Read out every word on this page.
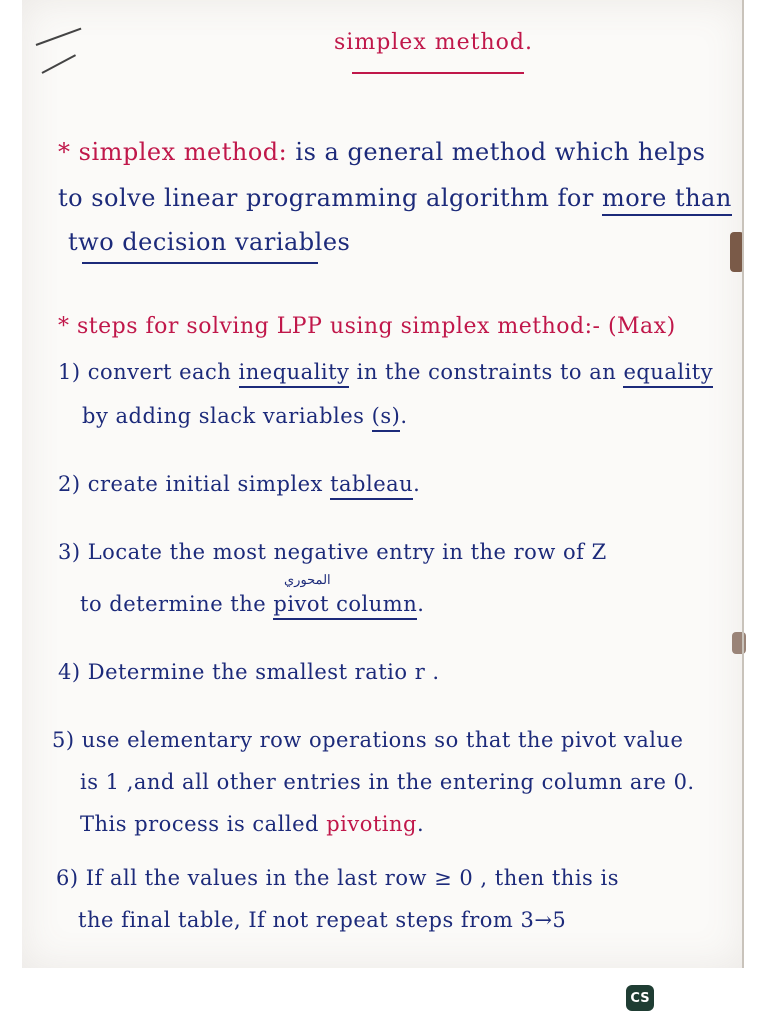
simplex method.
* simplex method: is a general method which helps
to solve linear programming algorithm for more than
two decision variables
* steps for solving LPP using simplex method:- (Max)
1) convert each inequality in the constraints to an equality
by adding slack variables (s).
2) create initial simplex tableau.
3) Locate the most negative entry in the row of Z
المحوري
to determine the pivot column.
4) Determine the smallest ratio r .
5) use elementary row operations so that the pivot value
is 1 ,and all other entries in the entering column are 0.
This process is called pivoting.
6) If all the values in the last row ≥ 0 , then this is
the final table, If not repeat steps from 3→5
CS
